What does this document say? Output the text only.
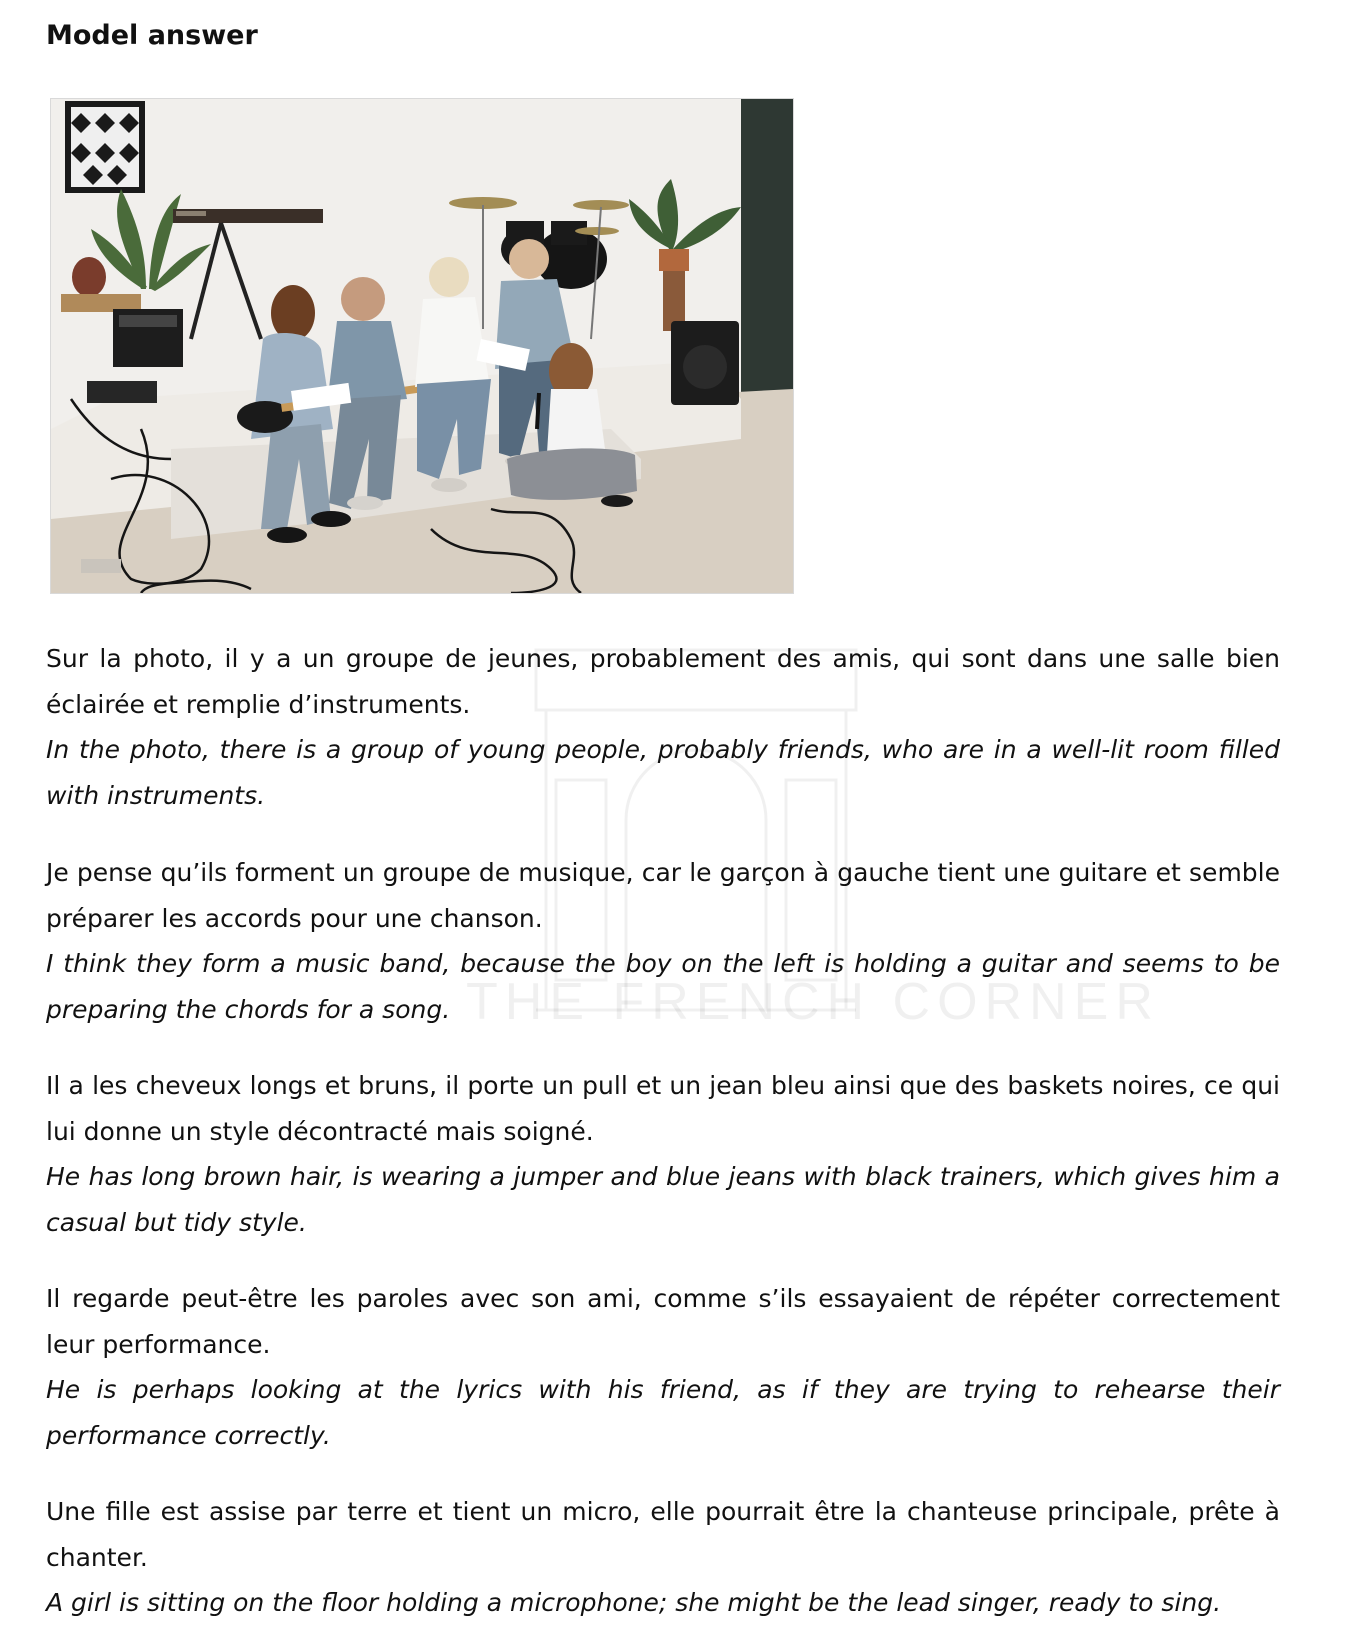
Model answer
THE FRENCH CORNER

Sur la photo, il y a un groupe de jeunes, probablement des amis, qui sont dans une salle bien éclairée et remplie d’instruments.

In the photo, there is a group of young people, probably friends, who are in a well-lit room filled with instruments.

Je pense qu’ils forment un groupe de musique, car le garçon à gauche tient une guitare et semble préparer les accords pour une chanson.

I think they form a music band, because the boy on the left is holding a guitar and seems to be preparing the chords for a song.

Il a les cheveux longs et bruns, il porte un pull et un jean bleu ainsi que des baskets noires, ce qui lui donne un style décontracté mais soigné.

He has long brown hair, is wearing a jumper and blue jeans with black trainers, which gives him a casual but tidy style.

Il regarde peut-être les paroles avec son ami, comme s’ils essayaient de répéter correctement leur performance.

He is perhaps looking at the lyrics with his friend, as if they are trying to rehearse their performance correctly.

Une fille est assise par terre et tient un micro, elle pourrait être la chanteuse principale, prête à chanter.

A girl is sitting on the floor holding a microphone; she might be the lead singer, ready to sing.
